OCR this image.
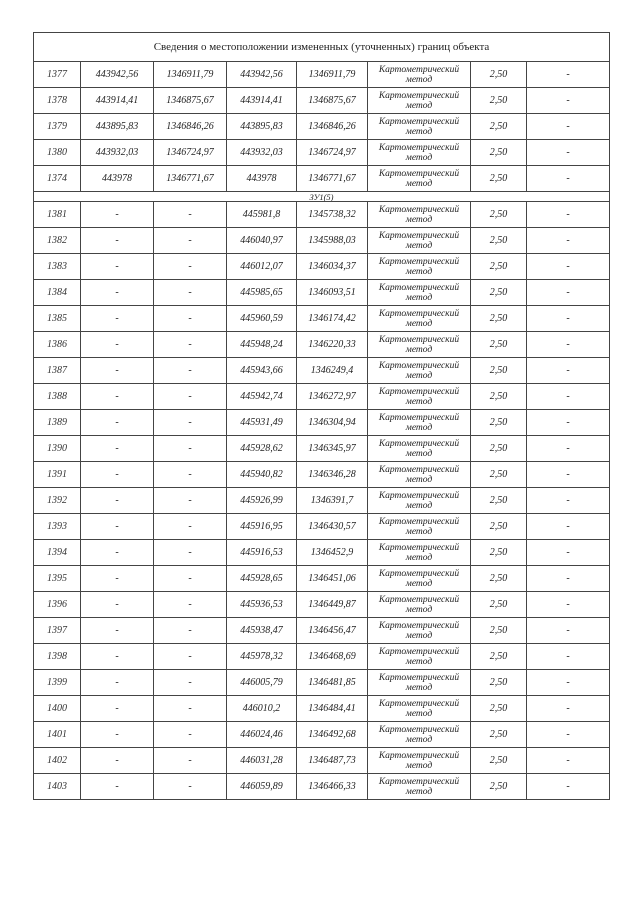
Сведения о местоположении измененных (уточненных) границ объекта							
1377	443942,56	1346911,79	443942,56	1346911,79	Картометрический метод	2,50	-
1378	443914,41	1346875,67	443914,41	1346875,67	Картометрический метод	2,50	-
1379	443895,83	1346846,26	443895,83	1346846,26	Картометрический метод	2,50	-
1380	443932,03	1346724,97	443932,03	1346724,97	Картометрический метод	2,50	-
1374	443978	1346771,67	443978	1346771,67	Картометрический метод	2,50	-
ЗУ1(5)							
1381	-	-	445981,8	1345738,32	Картометрический метод	2,50	-
1382	-	-	446040,97	1345988,03	Картометрический метод	2,50	-
1383	-	-	446012,07	1346034,37	Картометрический метод	2,50	-
1384	-	-	445985,65	1346093,51	Картометрический метод	2,50	-
1385	-	-	445960,59	1346174,42	Картометрический метод	2,50	-
1386	-	-	445948,24	1346220,33	Картометрический метод	2,50	-
1387	-	-	445943,66	1346249,4	Картометрический метод	2,50	-
1388	-	-	445942,74	1346272,97	Картометрический метод	2,50	-
1389	-	-	445931,49	1346304,94	Картометрический метод	2,50	-
1390	-	-	445928,62	1346345,97	Картометрический метод	2,50	-
1391	-	-	445940,82	1346346,28	Картометрический метод	2,50	-
1392	-	-	445926,99	1346391,7	Картометрический метод	2,50	-
1393	-	-	445916,95	1346430,57	Картометрический метод	2,50	-
1394	-	-	445916,53	1346452,9	Картометрический метод	2,50	-
1395	-	-	445928,65	1346451,06	Картометрический метод	2,50	-
1396	-	-	445936,53	1346449,87	Картометрический метод	2,50	-
1397	-	-	445938,47	1346456,47	Картометрический метод	2,50	-
1398	-	-	445978,32	1346468,69	Картометрический метод	2,50	-
1399	-	-	446005,79	1346481,85	Картометрический метод	2,50	-
1400	-	-	446010,2	1346484,41	Картометрический метод	2,50	-
1401	-	-	446024,46	1346492,68	Картометрический метод	2,50	-
1402	-	-	446031,28	1346487,73	Картометрический метод	2,50	-
1403	-	-	446059,89	1346466,33	Картометрический метод	2,50	-
